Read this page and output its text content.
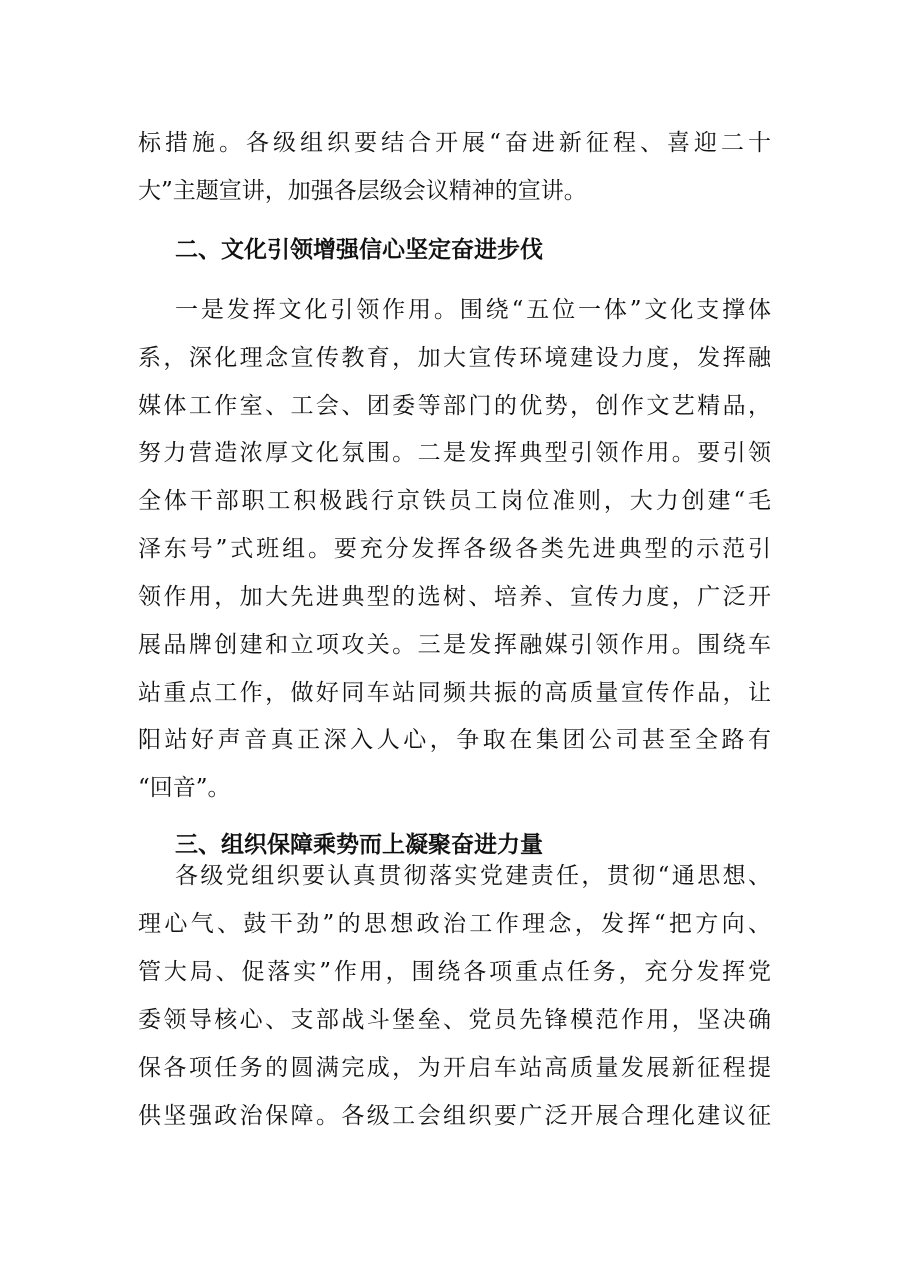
标措施。各级组织要结合开展“奋进新征程、喜迎二十
大”主题宣讲，加强各层级会议精神的宣讲。
二、文化引领增强信心坚定奋进步伐
一是发挥文化引领作用。围绕“五位一体”文化支撑体
系，深化理念宣传教育，加大宣传环境建设力度，发挥融
媒体工作室、工会、团委等部门的优势，创作文艺精品，
努力营造浓厚文化氛围。二是发挥典型引领作用。要引领
全体干部职工积极践行京铁员工岗位准则，大力创建“毛
泽东号”式班组。要充分发挥各级各类先进典型的示范引
领作用，加大先进典型的选树、培养、宣传力度，广泛开
展品牌创建和立项攻关。三是发挥融媒引领作用。围绕车
站重点工作，做好同车站同频共振的高质量宣传作品，让
阳站好声音真正深入人心，争取在集团公司甚至全路有
“回音”。
三、组织保障乘势而上凝聚奋进力量
各级党组织要认真贯彻落实党建责任，贯彻“通思想、
理心气、鼓干劲”的思想政治工作理念，发挥“把方向、
管大局、促落实”作用，围绕各项重点任务，充分发挥党
委领导核心、支部战斗堡垒、党员先锋模范作用，坚决确
保各项任务的圆满完成，为开启车站高质量发展新征程提
供坚强政治保障。各级工会组织要广泛开展合理化建议征
